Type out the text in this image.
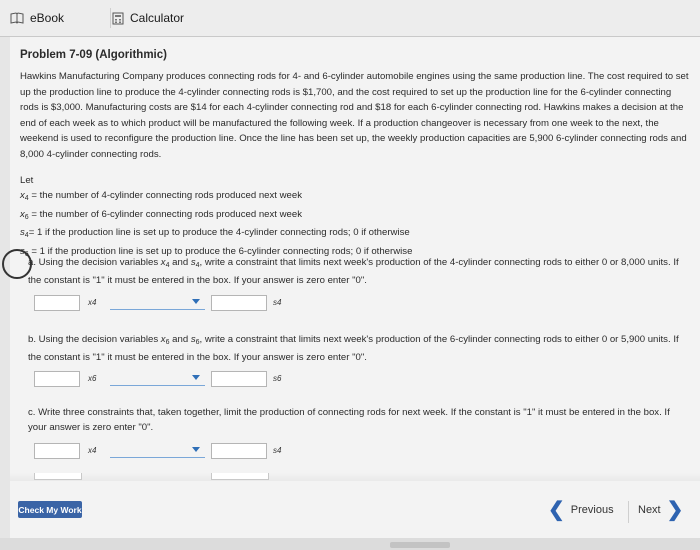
eBook	Calculator
Problem 7-09 (Algorithmic)
Hawkins Manufacturing Company produces connecting rods for 4- and 6-cylinder automobile engines using the same production line. The cost required to set up the production line to produce the 4-cylinder connecting rods is $1,700, and the cost required to set up the production line for the 6-cylinder connecting rods is $3,000. Manufacturing costs are $14 for each 4-cylinder connecting rod and $18 for each 6-cylinder connecting rod. Hawkins makes a decision at the end of each week as to which product will be manufactured the following week. If a production changeover is necessary from one week to the next, the weekend is used to reconfigure the production line. Once the line has been set up, the weekly production capacities are 5,900 6-cylinder connecting rods and 8,000 4-cylinder connecting rods.
Let
$x_4$ = the number of 4-cylinder connecting rods produced next week
$x_6$ = the number of 6-cylinder connecting rods produced next week
$s_4= 1$ if the production line is set up to produce the 4-cylinder connecting rods; 0 if otherwise
$s_6 = 1$ if the production line is set up to produce the 6-cylinder connecting rods; 0 if otherwise
a. Using the decision variables $x_4$ and $s_4$, write a constraint that limits next week's production of the 4-cylinder connecting rods to either 0 or 8,000 units. If the constant is "1" it must be entered in the box. If your answer is zero enter "0".
x4	s4
b. Using the decision variables $x_6$ and $s_6$, write a constraint that limits next week's production of the 6-cylinder connecting rods to either 0 or 5,900 units. If the constant is "1" it must be entered in the box. If your answer is zero enter "0".
x6	s6
c. Write three constraints that, taken together, limit the production of connecting rods for next week. If the constant is "1" it must be entered in the box. If your answer is zero enter "0".
x4	s4
Check My Work	❮ Previous Next ❯
